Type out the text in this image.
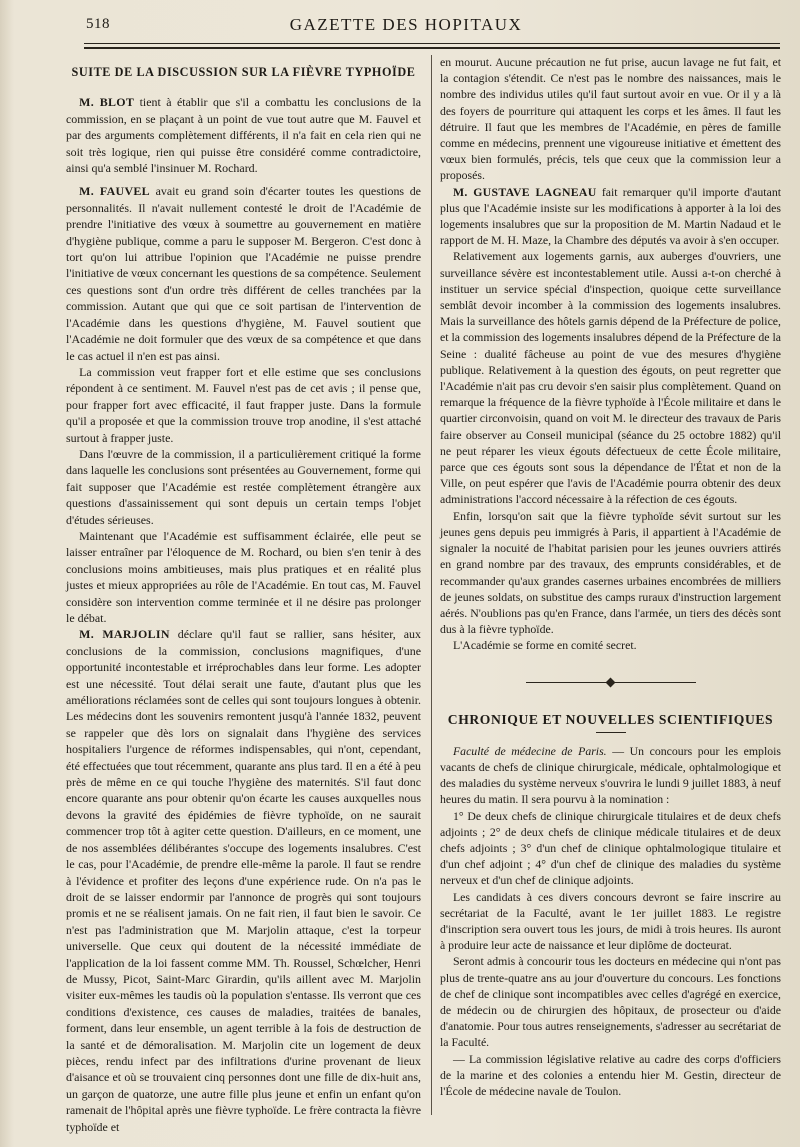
518	GAZETTE DES HOPITAUX
SUITE DE LA DISCUSSION SUR LA FIÈVRE TYPHOÏDE

M. BLOT tient à établir que s'il a combattu les conclusions de la commission, en se plaçant à un point de vue tout autre que M. Fauvel et par des arguments complètement différents, il n'a fait en cela rien qui ne soit très logique, rien qui puisse être considéré comme contradictoire, ainsi qu'a semblé l'insinuer M. Rochard.

M. FAUVEL avait eu grand soin d'écarter toutes les questions de personnalités. Il n'avait nullement contesté le droit de l'Académie de prendre l'initiative des vœux à soumettre au gouvernement en matière d'hygiène publique, comme a paru le supposer M. Bergeron. C'est donc à tort qu'on lui attribue l'opinion que l'Académie ne puisse prendre l'initiative de vœux concernant les questions de sa compétence. Seulement ces questions sont d'un ordre très différent de celles tranchées par la commission. Autant que qui que ce soit partisan de l'intervention de l'Académie dans les questions d'hygiène, M. Fauvel soutient que l'Académie ne doit formuler que des vœux de sa compétence et que dans le cas actuel il n'en est pas ainsi.

La commission veut frapper fort et elle estime que ses conclusions répondent à ce sentiment. M. Fauvel n'est pas de cet avis ; il pense que, pour frapper fort avec efficacité, il faut frapper juste. Dans la formule qu'il a proposée et que la commission trouve trop anodine, il s'est attaché surtout à frapper juste.

Dans l'œuvre de la commission, il a particulièrement critiqué la forme dans laquelle les conclusions sont présentées au Gouvernement, forme qui fait supposer que l'Académie est restée complètement étrangère aux questions d'assainissement qui sont depuis un certain temps l'objet d'études sérieuses.

Maintenant que l'Académie est suffisamment éclairée, elle peut se laisser entraîner par l'éloquence de M. Rochard, ou bien s'en tenir à des conclusions moins ambitieuses, mais plus pratiques et en réalité plus justes et mieux appropriées au rôle de l'Académie. En tout cas, M. Fauvel considère son intervention comme terminée et il ne désire pas prolonger le débat.

M. MARJOLIN déclare qu'il faut se rallier, sans hésiter, aux conclusions de la commission, conclusions magnifiques, d'une opportunité incontestable et irréprochables dans leur forme. Les adopter est une nécessité. Tout délai serait une faute, d'autant plus que les améliorations réclamées sont de celles qui sont toujours longues à obtenir. Les médecins dont les souvenirs remontent jusqu'à l'année 1832, peuvent se rappeler que dès lors on signalait dans l'hygiène des services hospitaliers l'urgence de réformes indispensables, qui n'ont, cependant, été effectuées que tout récemment, quarante ans plus tard. Il en a été à peu près de même en ce qui touche l'hygiène des maternités. S'il faut donc encore quarante ans pour obtenir qu'on écarte les causes auxquelles nous devons la gravité des épidémies de fièvre typhoïde, on ne saurait commencer trop tôt à agiter cette question. D'ailleurs, en ce moment, une de nos assemblées délibérantes s'occupe des logements insalubres. C'est le cas, pour l'Académie, de prendre elle-même la parole. Il faut se rendre à l'évidence et profiter des leçons d'une expérience rude. On n'a pas le droit de se laisser endormir par l'annonce de progrès qui sont toujours promis et ne se réalisent jamais. On ne fait rien, il faut bien le savoir. Ce n'est pas l'administration que M. Marjolin attaque, c'est la torpeur universelle. Que ceux qui doutent de la nécessité immédiate de l'application de la loi fassent comme MM. Th. Roussel, Schœlcher, Henri de Mussy, Picot, Saint-Marc Girardin, qu'ils aillent avec M. Marjolin visiter eux-mêmes les taudis où la population s'entasse. Ils verront que ces conditions d'existence, ces causes de maladies, traitées de banales, forment, dans leur ensemble, un agent terrible à la fois de destruction de la santé et de démoralisation. M. Marjolin cite un logement de deux pièces, rendu infect par des infiltrations d'urine provenant de lieux d'aisance et où se trouvaient cinq personnes dont une fille de dix-huit ans, un garçon de quatorze, une autre fille plus jeune et enfin un enfant qu'on ramenait de l'hôpital après une fièvre typhoïde. Le frère contracta la fièvre typhoïde et

en mourut. Aucune précaution ne fut prise, aucun lavage ne fut fait, et la contagion s'étendit. Ce n'est pas le nombre des naissances, mais le nombre des individus utiles qu'il faut surtout avoir en vue. Or il y a là des foyers de pourriture qui attaquent les corps et les âmes. Il faut les détruire. Il faut que les membres de l'Académie, en pères de famille comme en médecins, prennent une vigoureuse initiative et émettent des vœux bien formulés, précis, tels que ceux que la commission leur a proposés.

M. GUSTAVE LAGNEAU fait remarquer qu'il importe d'autant plus que l'Académie insiste sur les modifications à apporter à la loi des logements insalubres que sur la proposition de M. Martin Nadaud et le rapport de M. H. Maze, la Chambre des députés va avoir à s'en occuper.

Relativement aux logements garnis, aux auberges d'ouvriers, une surveillance sévère est incontestablement utile. Aussi a-t-on cherché à instituer un service spécial d'inspection, quoique cette surveillance semblât devoir incomber à la commission des logements insalubres. Mais la surveillance des hôtels garnis dépend de la Préfecture de police, et la commission des logements insalubres dépend de la Préfecture de la Seine : dualité fâcheuse au point de vue des mesures d'hygiène publique. Relativement à la question des égouts, on peut regretter que l'Académie n'ait pas cru devoir s'en saisir plus complètement. Quand on remarque la fréquence de la fièvre typhoïde à l'École militaire et dans le quartier circonvoisin, quand on voit M. le directeur des travaux de Paris faire observer au Conseil municipal (séance du 25 octobre 1882) qu'il ne peut réparer les vieux égouts défectueux de cette École militaire, parce que ces égouts sont sous la dépendance de l'État et non de la Ville, on peut espérer que l'avis de l'Académie pourra obtenir des deux administrations l'accord nécessaire à la réfection de ces égouts.

Enfin, lorsqu'on sait que la fièvre typhoïde sévit surtout sur les jeunes gens depuis peu immigrés à Paris, il appartient à l'Académie de signaler la nocuité de l'habitat parisien pour les jeunes ouvriers attirés en grand nombre par des travaux, des emprunts considérables, et de recommander qu'aux grandes casernes urbaines encombrées de milliers de jeunes soldats, on substitue des camps ruraux d'instruction largement aérés. N'oublions pas qu'en France, dans l'armée, un tiers des décès sont dus à la fièvre typhoïde.

L'Académie se forme en comité secret.

CHRONIQUE ET NOUVELLES SCIENTIFIQUES

Faculté de médecine de Paris. — Un concours pour les emplois vacants de chefs de clinique chirurgicale, médicale, ophtalmologique et des maladies du système nerveux s'ouvrira le lundi 9 juillet 1883, à neuf heures du matin. Il sera pourvu à la nomination :

1° De deux chefs de clinique chirurgicale titulaires et de deux chefs adjoints ; 2° de deux chefs de clinique médicale titulaires et de deux chefs adjoints ; 3° d'un chef de clinique ophtalmologique titulaire et d'un chef adjoint ; 4° d'un chef de clinique des maladies du système nerveux et d'un chef de clinique adjoints.

Les candidats à ces divers concours devront se faire inscrire au secrétariat de la Faculté, avant le 1er juillet 1883. Le registre d'inscription sera ouvert tous les jours, de midi à trois heures. Ils auront à produire leur acte de naissance et leur diplôme de docteurat.

Seront admis à concourir tous les docteurs en médecine qui n'ont pas plus de trente-quatre ans au jour d'ouverture du concours. Les fonctions de chef de clinique sont incompatibles avec celles d'agrégé en exercice, de médecin ou de chirurgien des hôpitaux, de prosecteur ou d'aide d'anatomie. Pour tous autres renseignements, s'adresser au secrétariat de la Faculté.

— La commission législative relative au cadre des corps d'officiers de la marine et des colonies a entendu hier M. Gestin, directeur de l'École de médecine navale de Toulon.
